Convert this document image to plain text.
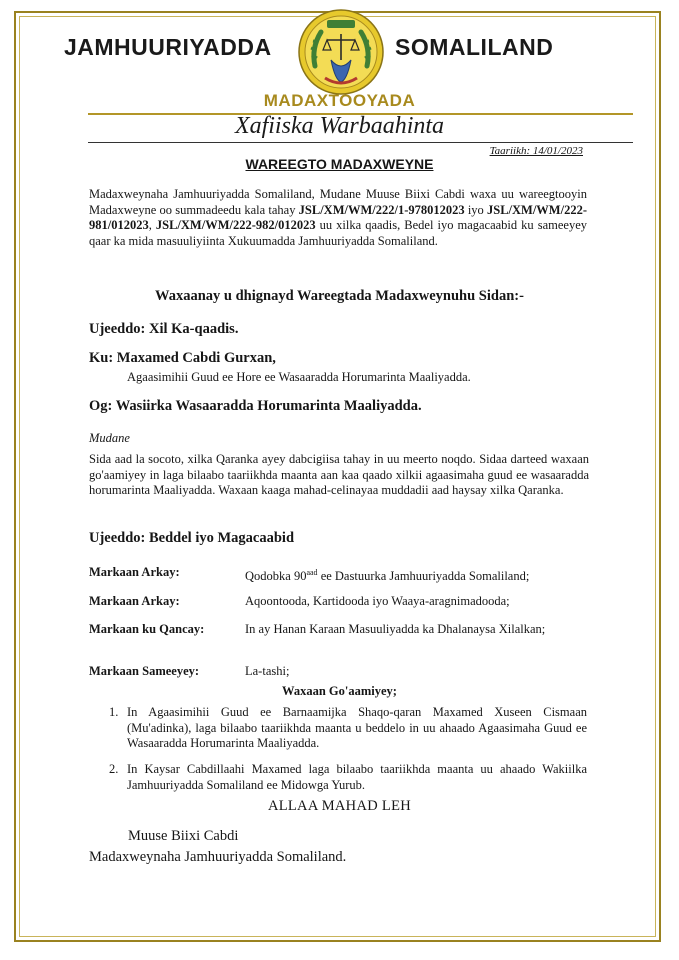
JAMHUURIYADDA	SOMALILAND
MADAXTOOYADA
Xafiiska Warbaahinta
Taariikh: 14/01/2023
WAREEGTO MADAXWEYNE
Madaxweynaha Jamhuuriyadda Somaliland, Mudane Muuse Biixi Cabdi waxa uu wareegtooyin Madaxweyne oo summadeedu kala tahay JSL/XM/WM/222/1-978012023 iyo JSL/XM/WM/222-981/012023, JSL/XM/WM/222-982/012023 uu xilka qaadis, Bedel iyo magacaabid ku sameeyey qaar ka mida masuuliyiinta Xukuumadda Jamhuuriyadda Somaliland.
Waxaanay u dhignayd Wareegtada Madaxweynuhu Sidan:-
Ujeeddo: Xil Ka-qaadis.
Ku: Maxamed Cabdi Gurxan,
Agaasimihii Guud ee Hore ee Wasaaradda Horumarinta Maaliyadda.
Og: Wasiirka Wasaaradda Horumarinta Maaliyadda.
Mudane
Sida aad la socoto, xilka Qaranka ayey dabcigiisa tahay in uu meerto noqdo. Sidaa darteed waxaan go'aamiyey in laga bilaabo taariikhda maanta aan kaa qaado xilkii agaasimaha guud ee wasaaradda horumarinta Maaliyadda. Waxaan kaaga mahad-celinayaa muddadii aad haysay xilka Qaranka.
Ujeeddo: Beddel iyo Magacaabid
Markaan Arkay:	Qodobka $90^{aad}$ ee Dastuurka Jamhuuriyadda Somaliland;
Markaan Arkay:	Aqoontooda, Kartidooda iyo Waaya-aragnimadooda;
Markaan ku Qancay:	In ay Hanan Karaan Masuuliyadda ka Dhalanaysa Xilalkan;
Markaan Sameeyey:	La-tashi;
Waxaan Go'aamiyey;
1. In Agaasimihii Guud ee Barnaamijka Shaqo-qaran Maxamed Xuseen Cismaan (Mu'adinka), laga bilaabo taariikhda maanta u beddelo in uu ahaado Agaasimaha Guud ee Wasaaradda Horumarinta Maaliyadda.
2. In Kaysar Cabdillaahi Maxamed laga bilaabo taariikhda maanta uu ahaado Wakiilka Jamhuuriyadda Somaliland ee Midowga Yurub.
ALLAA MAHAD LEH
Muuse Biixi Cabdi
Madaxweynaha Jamhuuriyadda Somaliland.
